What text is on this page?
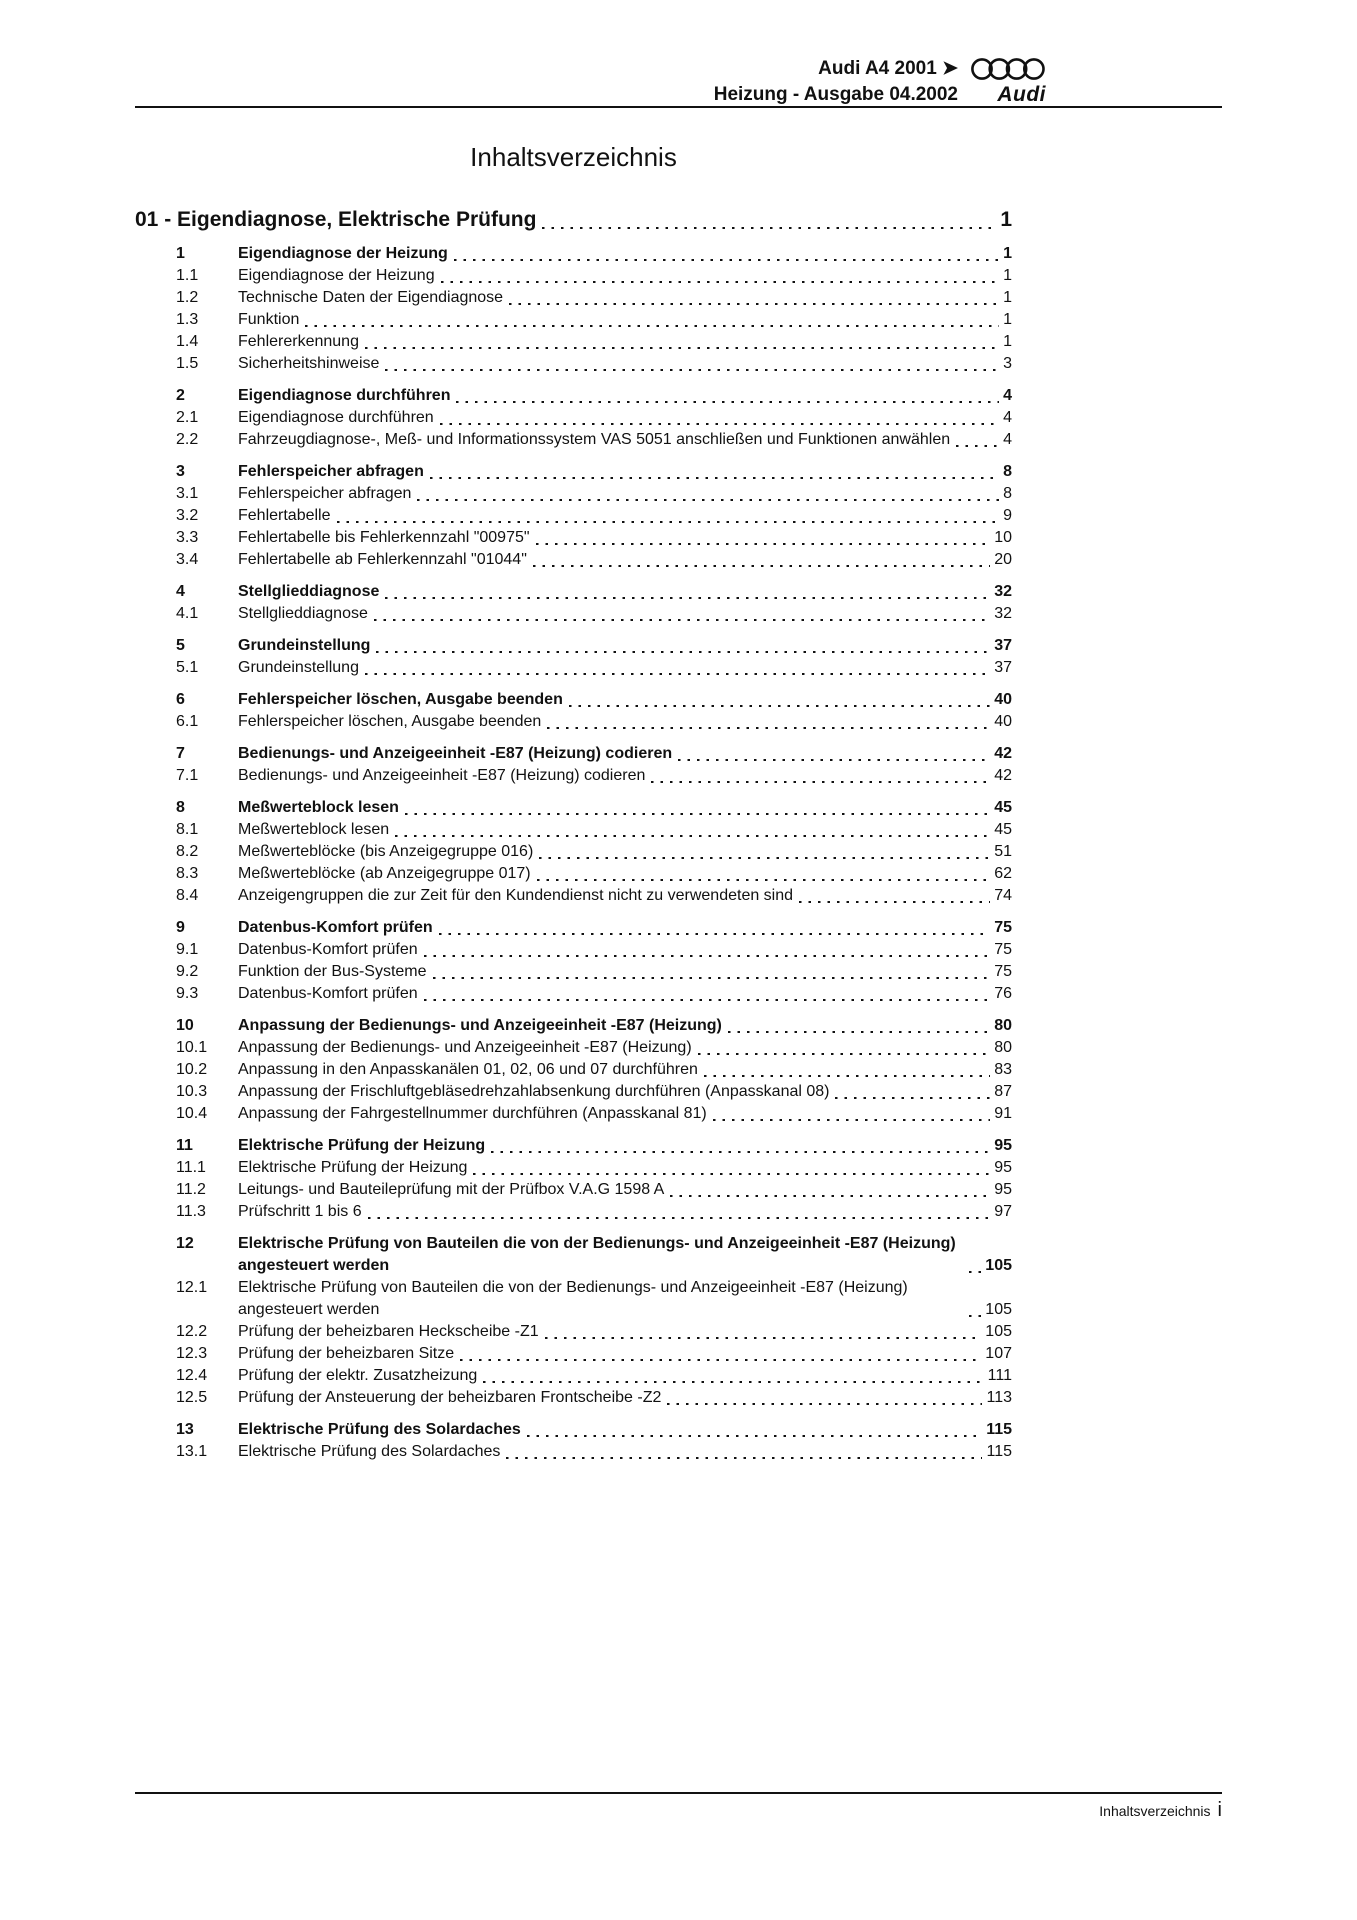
Audi A4 2001 ➤
Heizung - Ausgabe 04.2002	Audi
Inhaltsverzeichnis
01 - Eigendiagnose, Elektrische Prüfung	1
1	Eigendiagnose der Heizung	1
1.1	Eigendiagnose der Heizung	1
1.2	Technische Daten der Eigendiagnose	1
1.3	Funktion	1
1.4	Fehlererkennung	1
1.5	Sicherheitshinweise	3
2	Eigendiagnose durchführen	4
2.1	Eigendiagnose durchführen	4
2.2	Fahrzeugdiagnose-, Meß- und Informationssystem VAS 5051 anschließen und Funktionen anwählen	4
3	Fehlerspeicher abfragen	8
3.1	Fehlerspeicher abfragen	8
3.2	Fehlertabelle	9
3.3	Fehlertabelle bis Fehlerkennzahl "00975"	10
3.4	Fehlertabelle ab Fehlerkennzahl "01044"	20
4	Stellglieddiagnose	32
4.1	Stellglieddiagnose	32
5	Grundeinstellung	37
5.1	Grundeinstellung	37
6	Fehlerspeicher löschen, Ausgabe beenden	40
6.1	Fehlerspeicher löschen, Ausgabe beenden	40
7	Bedienungs- und Anzeigeeinheit -E87 (Heizung) codieren	42
7.1	Bedienungs- und Anzeigeeinheit -E87 (Heizung) codieren	42
8	Meßwerteblock lesen	45
8.1	Meßwerteblock lesen	45
8.2	Meßwerteblöcke (bis Anzeigegruppe 016)	51
8.3	Meßwerteblöcke (ab Anzeigegruppe 017)	62
8.4	Anzeigengruppen die zur Zeit für den Kundendienst nicht zu verwendeten sind	74
9	Datenbus-Komfort prüfen	75
9.1	Datenbus-Komfort prüfen	75
9.2	Funktion der Bus-Systeme	75
9.3	Datenbus-Komfort prüfen	76
10	Anpassung der Bedienungs- und Anzeigeeinheit -E87 (Heizung)	80
10.1	Anpassung der Bedienungs- und Anzeigeeinheit -E87 (Heizung)	80
10.2	Anpassung in den Anpasskanälen 01, 02, 06 und 07 durchführen	83
10.3	Anpassung der Frischluftgebläsedrehzahlabsenkung durchführen (Anpasskanal 08)	87
10.4	Anpassung der Fahrgestellnummer durchführen (Anpasskanal 81)	91
11	Elektrische Prüfung der Heizung	95
11.1	Elektrische Prüfung der Heizung	95
11.2	Leitungs- und Bauteileprüfung mit der Prüfbox V.A.G 1598 A	95
11.3	Prüfschritt 1 bis 6	97
12	Elektrische Prüfung von Bauteilen die von der Bedienungs- und Anzeigeeinheit -E87 (Heizung) angesteuert werden	105
12.1	Elektrische Prüfung von Bauteilen die von der Bedienungs- und Anzeigeeinheit -E87 (Heizung) angesteuert werden	105
12.2	Prüfung der beheizbaren Heckscheibe -Z1	105
12.3	Prüfung der beheizbaren Sitze	107
12.4	Prüfung der elektr. Zusatzheizung	111
12.5	Prüfung der Ansteuerung der beheizbaren Frontscheibe -Z2	113
13	Elektrische Prüfung des Solardaches	115
13.1	Elektrische Prüfung des Solardaches	115
Inhaltsverzeichnis i
